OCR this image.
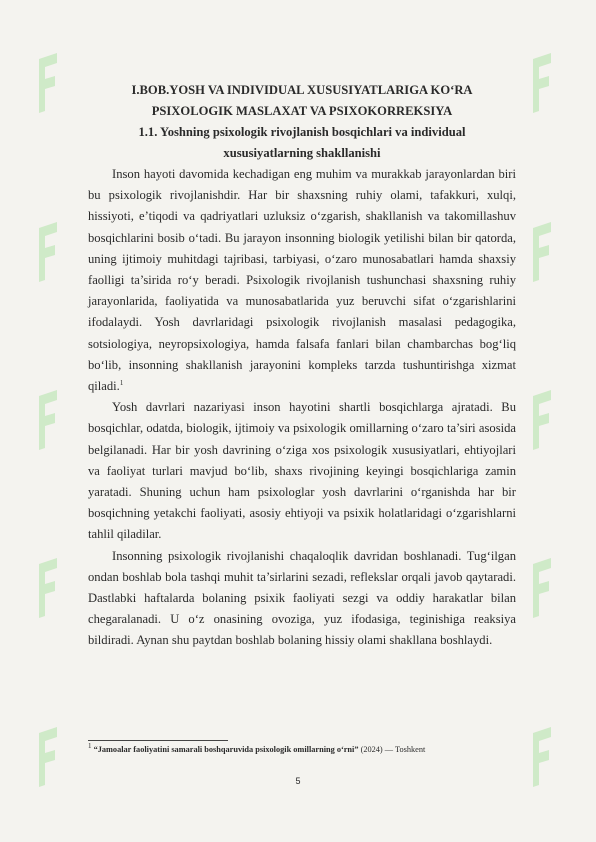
I.BOB.YOSH VA INDIVIDUAL XUSUSIYATLARIGA KO‘RA
PSIXOLOGIK MASLAXAT VA PSIXOKORREKSIYA

1.1. Yoshning psixologik rivojlanish bosqichlari va individual
xususiyatlarning shakllanishi

Inson hayoti davomida kechadigan eng muhim va murakkab jarayonlardan biri bu psixologik rivojlanishdir. Har bir shaxsning ruhiy olami, tafakkuri, xulqi, hissiyoti, e’tiqodi va qadriyatlari uzluksiz o‘zgarish, shakllanish va takomillashuv bosqichlarini bosib o‘tadi. Bu jarayon insonning biologik yetilishi bilan bir qatorda, uning ijtimoiy muhitdagi tajribasi, tarbiyasi, o‘zaro munosabatlari hamda shaxsiy faolligi ta’sirida ro‘y beradi. Psixologik rivojlanish tushunchasi shaxsning ruhiy jarayonlarida, faoliyatida va munosabatlarida yuz beruvchi sifat o‘zgarishlarini ifodalaydi. Yosh davrlaridagi psixologik rivojlanish masalasi pedagogika, sotsiologiya, neyropsixologiya, hamda falsafa fanlari bilan chambarchas bog‘liq bo‘lib, insonning shakllanish jarayonini kompleks tarzda tushuntirishga xizmat qiladi.$^1$

Yosh davrlari nazariyasi inson hayotini shartli bosqichlarga ajratadi. Bu bosqichlar, odatda, biologik, ijtimoiy va psixologik omillarning o‘zaro ta’siri asosida belgilanadi. Har bir yosh davrining o‘ziga xos psixologik xususiyatlari, ehtiyojlari va faoliyat turlari mavjud bo‘lib, shaxs rivojining keyingi bosqichlariga zamin yaratadi. Shuning uchun ham psixologlar yosh davrlarini o‘rganishda har bir bosqichning yetakchi faoliyati, asosiy ehtiyoji va psixik holatlaridagi o‘zgarishlarni tahlil qiladilar.

Insonning psixologik rivojlanishi chaqaloqlik davridan boshlanadi. Tug‘ilgan ondan boshlab bola tashqi muhit ta’sirlarini sezadi, reflekslar orqali javob qaytaradi. Dastlabki haftalarda bolaning psixik faoliyati sezgi va oddiy harakatlar bilan chegaralanadi. U o‘z onasining ovoziga, yuz ifodasiga, teginishiga reaksiya bildiradi. Aynan shu paytdan boshlab bolaning hissiy olami shakllana boshlaydi.

$^1$ “Jamoalar faoliyatini samarali boshqaruvida psixologik omillarning o‘rni” (2024) — Toshkent
5
